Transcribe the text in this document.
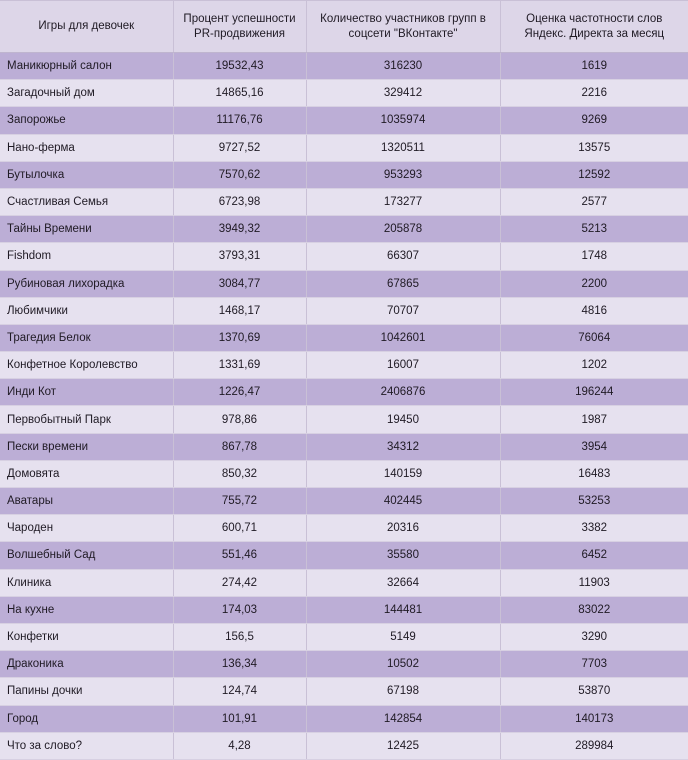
Игры для девочек	Процент успешности PR-продвижения	Количество участников групп в соцсети "ВКонтакте"	Оценка частотности слов Яндекс. Директа за месяц
Маникюрный салон	19532,43	316230	1619
Загадочный дом	14865,16	329412	2216
Запорожье	11176,76	1035974	9269
Нано-ферма	9727,52	1320511	13575
Бутылочка	7570,62	953293	12592
Счастливая Семья	6723,98	173277	2577
Тайны Времени	3949,32	205878	5213
Fishdom	3793,31	66307	1748
Рубиновая лихорадка	3084,77	67865	2200
Любимчики	1468,17	70707	4816
Трагедия Белок	1370,69	1042601	76064
Конфетное Королевство	1331,69	16007	1202
Инди Кот	1226,47	2406876	196244
Первобытный Парк	978,86	19450	1987
Пески времени	867,78	34312	3954
Домовята	850,32	140159	16483
Аватары	755,72	402445	53253
Чароден	600,71	20316	3382
Волшебный Сад	551,46	35580	6452
Клиника	274,42	32664	11903
На кухне	174,03	144481	83022
Конфетки	156,5	5149	3290
Драконика	136,34	10502	7703
Папины дочки	124,74	67198	53870
Город	101,91	142854	140173
Что за слово?	4,28	12425	289984
